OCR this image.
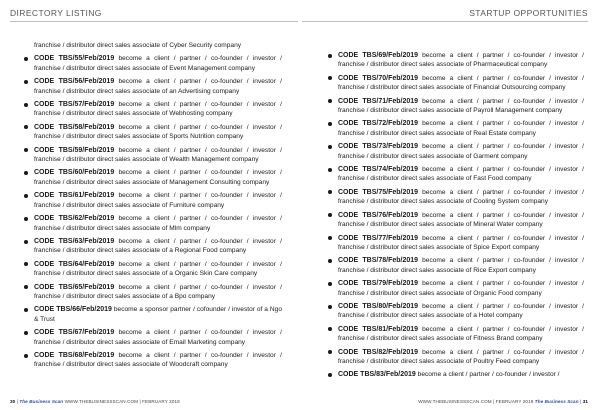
DIRECTORY LISTING
franchise / distributor direct sales associate of Cyber Security company
CODE TBS/55/Feb/2019 become a client / partner / co-founder / investor / franchise / distributor direct sales associate of Event Management company
CODE TBS/56/Feb/2019 become a client / partner / co-founder / investor / franchise / distributor direct sales associate of an Advertising company
CODE TBS/57/Feb/2019 become a client / partner / co-founder / investor / franchise / distributor direct sales associate of Webhosting company
CODE TBS/58/Feb/2019 become a client / partner / co-founder / investor / franchise / distributor direct sales associate of Sports Nutrition company
CODE TBS/59/Feb/2019 become a client / partner / co-founder / investor / franchise / distributor direct sales associate of Wealth Management company
CODE TBS/60/Feb/2019 become a client / partner / co-founder / investor / franchise / distributor direct sales associate of Management Consulting company
CODE TBS/61/Feb/2019 become a client / partner / co-founder / investor / franchise / distributor direct sales associate of Furniture company
CODE TBS/62/Feb/2019 become a client / partner / co-founder / investor / franchise / distributor direct sales associate of Mlm company
CODE TBS/63/Feb/2019 become a client / partner / co-founder / investor / franchise / distributor direct sales associate of a Regional Food company
CODE TBS/64/Feb/2019 become a client / partner / co-founder / investor / franchise / distributor direct sales associate of a Organic Skin Care company
CODE TBS/65/Feb/2019 become a client / partner / co-founder / investor / franchise / distributor direct sales associate of a Bpo company
CODE TBS/66/Feb/2019 become a sponsor partner / cofounder / investor of a Ngo & Trust
CODE TBS/67/Feb/2019 become a client / partner / co-founder / investor / franchise / distributor direct sales associate of Email Marketing company
CODE TBS/68/Feb/2019 become a client / partner / co-founder / investor / franchise / distributor direct sales associate of Woodcraft company
30 | The Business Scan WWW.THEBUSINESSSCAN.COM | FEBRUARY 2019
STARTUP OPPORTUNITIES
CODE TBS/69/Feb/2019 become a client / partner / co-founder / investor / franchise / distributor direct sales associate of Pharmaceutical company
CODE TBS/70/Feb/2019 become a client / partner / co-founder / investor / franchise / distributor direct sales associate of Financial Outsourcing company
CODE TBS/71/Feb/2019 become a client / partner / co-founder / investor / franchise / distributor direct sales associate of Payroll Management company
CODE TBS/72/Feb/2019 become a client / partner / co-founder / investor / franchise / distributor direct sales associate of Real Estate company
CODE TBS/73/Feb/2019 become a client / partner / co-founder / investor / franchise / distributor direct sales associate of Garment company
CODE TBS/74/Feb/2019 become a client / partner / co-founder / investor / franchise / distributor direct sales associate of Fast Food company
CODE TBS/75/Feb/2019 become a client / partner / co-founder / investor / franchise / distributor direct sales associate of Cooling System company
CODE TBS/76/Feb/2019 become a client / partner / co-founder / investor / franchise / distributor direct sales associate of Mineral Water company
CODE TBS/77/Feb/2019 become a client / partner / co-founder / investor / franchise / distributor direct sales associate of Spice Export company
CODE TBS/78/Feb/2019 become a client / partner / co-founder / investor / franchise / distributor direct sales associate of Rice Export company
CODE TBS/79/Feb/2019 become a client / partner / co-founder / investor / franchise / distributor direct sales associate of Organic Food company
CODE TBS/80/Feb/2019 become a client / partner / co-founder / investor / franchise / distributor direct sales associate of a Hotel company
CODE TBS/81/Feb/2019 become a client / partner / co-founder / investor / franchise / distributor direct sales associate of Fitness Brand company
CODE TBS/82/Feb/2019 become a client / partner / co-founder / investor / franchise / distributor direct sales associate of Poultry Feed company
CODE TBS/83/Feb/2019 become a client / partner / co-founder / investor /
WWW.THEBUSINESSSCAN.COM | FEBRUARY 2019 The Business Scan | 31
